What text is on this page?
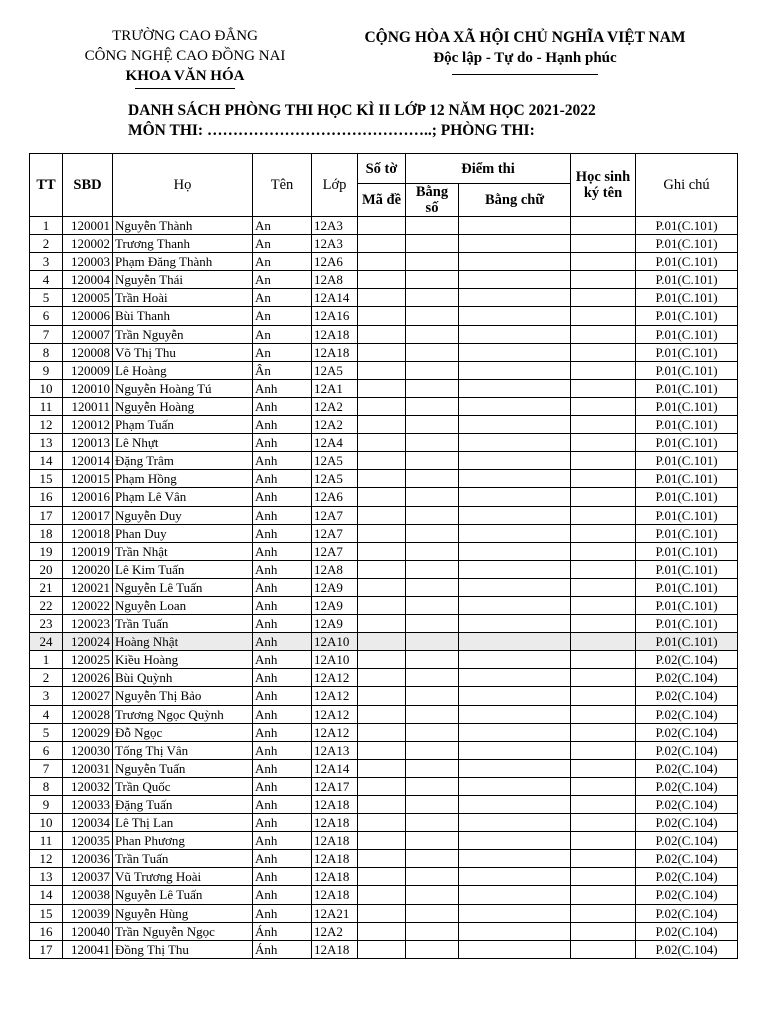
TRƯỜNG CAO ĐẲNG
CÔNG NGHỆ CAO ĐỒNG NAI
KHOA VĂN HÓA
CỘNG HÒA XÃ HỘI CHỦ NGHĨA VIỆT NAM
Độc lập - Tự do - Hạnh phúc
DANH SÁCH PHÒNG THI HỌC KÌ II LỚP 12 NĂM HỌC 2021-2022
MÔN THI: ……………………………………..; PHÒNG THI:
TT	SBD	Họ	Tên	Lớp	Số tờ	Điểm thi		Học sinh ký tên	Ghi chú
					Mã đề	Bằng số	Bằng chữ		
1	120001	Nguyễn Thành	An	12A3					P.01(C.101)
2	120002	Trương Thanh	An	12A3					P.01(C.101)
3	120003	Phạm Đăng Thành	An	12A6					P.01(C.101)
4	120004	Nguyễn Thái	An	12A8					P.01(C.101)
5	120005	Trần Hoài	An	12A14					P.01(C.101)
6	120006	Bùi Thanh	An	12A16					P.01(C.101)
7	120007	Trần Nguyễn	An	12A18					P.01(C.101)
8	120008	Võ Thị Thu	An	12A18					P.01(C.101)
9	120009	Lê Hoàng	Ân	12A5					P.01(C.101)
10	120010	Nguyễn Hoàng Tú	Anh	12A1					P.01(C.101)
11	120011	Nguyễn Hoàng	Anh	12A2					P.01(C.101)
12	120012	Phạm Tuấn	Anh	12A2					P.01(C.101)
13	120013	Lê Nhựt	Anh	12A4					P.01(C.101)
14	120014	Đặng Trâm	Anh	12A5					P.01(C.101)
15	120015	Phạm Hồng	Anh	12A5					P.01(C.101)
16	120016	Phạm Lê Vân	Anh	12A6					P.01(C.101)
17	120017	Nguyễn Duy	Anh	12A7					P.01(C.101)
18	120018	Phan Duy	Anh	12A7					P.01(C.101)
19	120019	Trần Nhật	Anh	12A7					P.01(C.101)
20	120020	Lê Kim Tuấn	Anh	12A8					P.01(C.101)
21	120021	Nguyễn Lê Tuấn	Anh	12A9					P.01(C.101)
22	120022	Nguyễn Loan	Anh	12A9					P.01(C.101)
23	120023	Trần Tuấn	Anh	12A9					P.01(C.101)
24	120024	Hoàng Nhật	Anh	12A10					P.01(C.101)
1	120025	Kiều Hoàng	Anh	12A10					P.02(C.104)
2	120026	Bùi Quỳnh	Anh	12A12					P.02(C.104)
3	120027	Nguyễn Thị Bảo	Anh	12A12					P.02(C.104)
4	120028	Trương Ngọc Quỳnh	Anh	12A12					P.02(C.104)
5	120029	Đỗ Ngọc	Anh	12A12					P.02(C.104)
6	120030	Tống Thị Vân	Anh	12A13					P.02(C.104)
7	120031	Nguyễn Tuấn	Anh	12A14					P.02(C.104)
8	120032	Trần Quốc	Anh	12A17					P.02(C.104)
9	120033	Đặng Tuấn	Anh	12A18					P.02(C.104)
10	120034	Lê Thị Lan	Anh	12A18					P.02(C.104)
11	120035	Phan Phương	Anh	12A18					P.02(C.104)
12	120036	Trần Tuấn	Anh	12A18					P.02(C.104)
13	120037	Vũ Trương Hoài	Anh	12A18					P.02(C.104)
14	120038	Nguyễn Lê Tuấn	Anh	12A18					P.02(C.104)
15	120039	Nguyễn Hùng	Anh	12A21					P.02(C.104)
16	120040	Trần Nguyễn Ngọc	Ánh	12A2					P.02(C.104)
17	120041	Đồng Thị Thu	Ánh	12A18					P.02(C.104)
